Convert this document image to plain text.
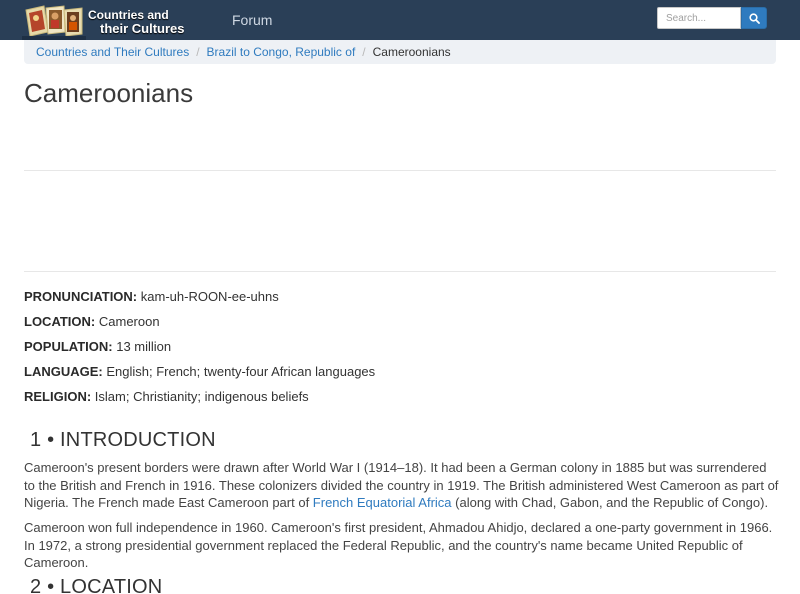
Countries and
their Cultures
Forum
Search...
Countries and Their Cultures / Brazil to Congo, Republic of / Cameroonians
Cameroonians
PRONUNCIATION: kam-uh-ROON-ee-uhns
LOCATION: Cameroon
POPULATION: 13 million
LANGUAGE: English; French; twenty-four African languages
RELIGION: Islam; Christianity; indigenous beliefs
1 • INTRODUCTION

Cameroon's present borders were drawn after World War I (1914–18). It had been a German colony in 1885 but was surrendered to the British and French in 1916. These colonizers divided the country in 1919. The British administered West Cameroon as part of Nigeria. The French made East Cameroon part of French Equatorial Africa (along with Chad, Gabon, and the Republic of Congo).

Cameroon won full independence in 1960. Cameroon's first president, Ahmadou Ahidjo, declared a one-party government in 1966. In 1972, a strong presidential government replaced the Federal Republic, and the country's name became United Republic of Cameroon.

2 • LOCATION
